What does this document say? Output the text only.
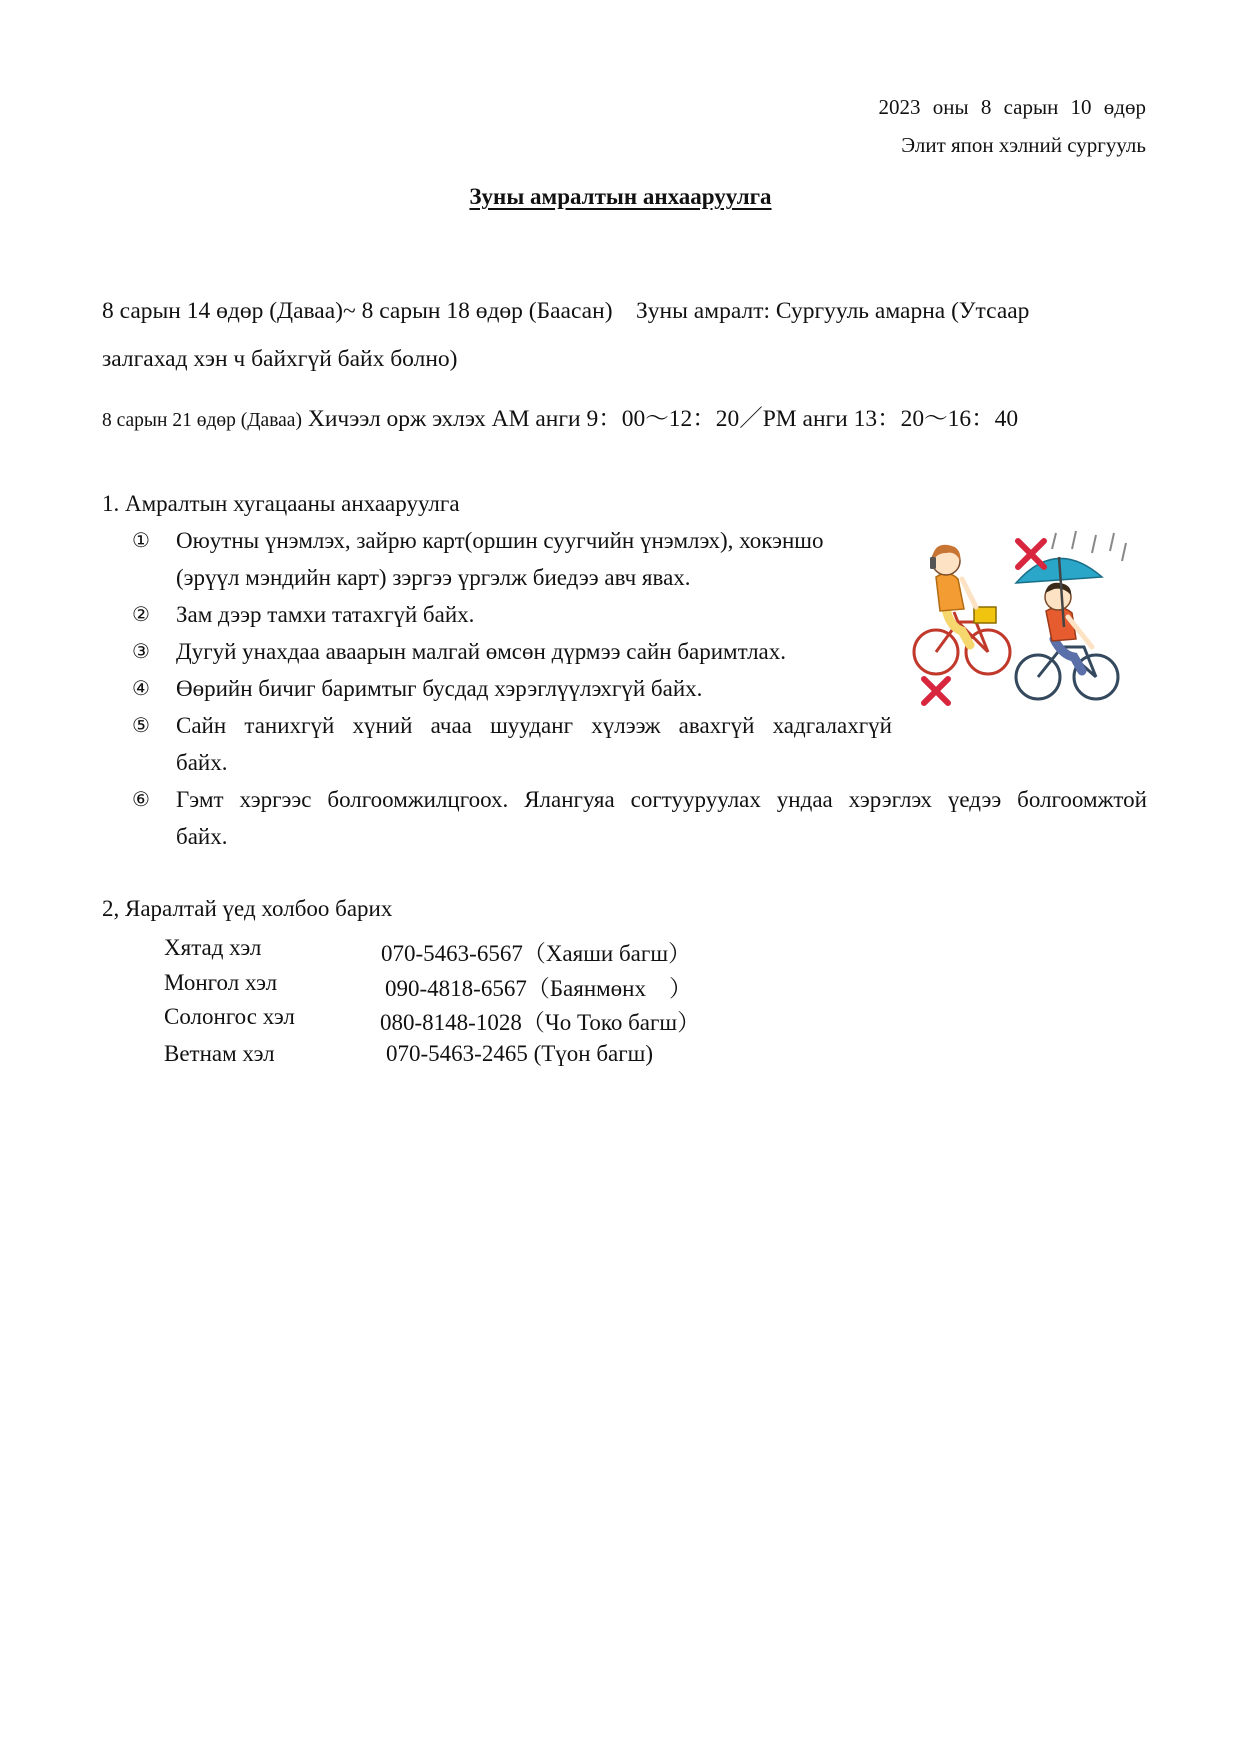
2023 оны 8 сарын 10 өдөр
Элит япон хэлний сургууль
Зуны амралтын анхааруулга
8 сарын 14 өдөр (Даваа)~ 8 сарын 18 өдөр (Баасан)　Зуны амралт: Сургууль амарна (Утсаар
залгахад хэн ч байхгүй байх болно)
8 сарын 21 өдөр (Даваа) Хичээл орж эхлэх AM анги 9：00～12：20／PM анги 13：20～16：40
1. Амралтын хугацааны анхааруулга
①	Оюутны үнэмлэх, зайрю карт(оршин суугчийн үнэмлэх), хокэншо
(эрүүл мэндийн карт) зэргээ үргэлж биедээ авч явах.
②	Зам дээр тамхи татахгүй байх.
③	Дугуй унахдаа аваарын малгай өмсөн дүрмээ сайн баримтлах.
④	Өөрийн бичиг баримтыг бусдад хэрэглүүлэхгүй байх.
⑤	Сайн танихгүй хүний ачаа шууданг хүлээж авахгүй хадгалахгүй
байх.
⑥	Гэмт хэргээс болгоомжилцгоох. Ялангуяа согтууруулах ундаа хэрэглэх үедээ болгоомжтой
байх.
2, Яаралтай үед холбоо барих
Хятад хэл	070-5463-6567（Хаяши багш）
Монгол хэл	090-4818-6567（Баянмөнх　）
Солонгос хэл	080-8148-1028（Чо Токо багш）
Ветнам хэл	070-5463-2465 (Түон багш)
